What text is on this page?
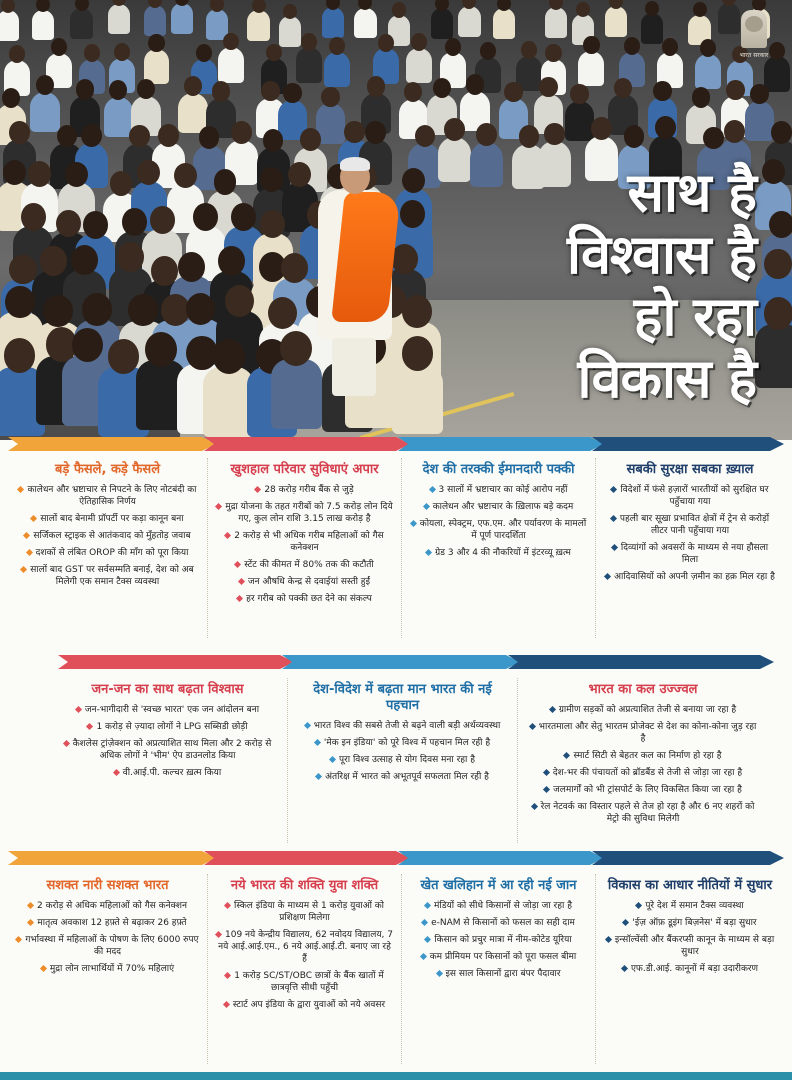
भारत सरकार
साथ है
विश्वास है
हो रहा
विकास है
बड़े फैसले, कड़े फैसले
कालेधन और भ्रष्टाचार से निपटने के लिए नोटबंदी का ऐतिहासिक निर्णय
सालों बाद बेनामी प्रॉपर्टी पर कड़ा कानून बना
सर्जिकल स्ट्राइक से आतंकवाद को मुँहतोड़ जवाब
दशकों से लंबित OROP की माँग को पूरा किया
सालों बाद GST पर सर्वसम्मति बनाई, देश को अब मिलेगी एक समान टैक्स व्यवस्था
खुशहाल परिवार सुविधाएं अपार
28 करोड़ गरीब बैंक से जुड़े
मुद्रा योजना के तहत गरीबों को 7.5 करोड़ लोन दिये गए, कुल लोन राशि 3.15 लाख करोड़ है
2 करोड़ से भी अधिक गरीब महिलाओं को गैस कनेक्शन
स्टेंट की कीमत में 80% तक की कटौती
जन औषधि केन्द्र से दवाईयां सस्ती हुईं
हर गरीब को पक्की छत देने का संकल्प
देश की तरक्की ईमानदारी पक्की
3 सालों में भ्रष्टाचार का कोई आरोप नहीं
कालेधन और भ्रष्टाचार के ख़िलाफ बड़े कदम
कोयला, स्पेक्ट्रम, एफ.एम. और पर्यावरण के मामलों में पूर्ण पारदर्शिता
ग्रेड 3 और 4 की नौकरियों में इंटरव्यू ख़त्म
सबकी सुरक्षा सबका ख़्याल
विदेशों में फंसे हज़ारों भारतीयों को सुरक्षित घर पहुँचाया गया
पहली बार सूखा प्रभावित क्षेत्रों में ट्रेन से करोड़ों लीटर पानी पहुँचाया गया
दिव्यांगों को अवसरों के माध्यम से नया हौसला मिला
आदिवासियों को अपनी ज़मीन का हक़ मिल रहा है
जन-जन का साथ बढ़ता विश्वास
जन-भागीदारी से 'स्वच्छ भारत' एक जन आंदोलन बना
1 करोड़ से ज़्यादा लोगों ने LPG सब्सिडी छोड़ी
कैशलेस ट्रांज़ेक्शन को अप्रत्याशित साथ मिला और 2 करोड़ से अधिक लोगों ने 'भीम' ऐप डाउनलोड किया
वी.आई.पी. कल्चर ख़त्म किया
देश-विदेश में बढ़ता मान भारत की नई पहचान
भारत विश्व की सबसे तेजी से बढ़ने वाली बड़ी अर्थव्यवस्था
'मेक इन इंडिया' को पूरे विश्व में पहचान मिल रही है
पूरा विश्व उत्साह से योग दिवस मना रहा है
अंतरिक्ष में भारत को अभूतपूर्व सफलता मिल रही है
भारत का कल उज्ज्वल
ग्रामीण सड़कों को अप्रत्याशित तेजी से बनाया जा रहा है
भारतमाला और सेतु भारतम प्रोजेक्ट से देश का कोना-कोना जुड़ रहा है
स्मार्ट सिटी से बेहतर कल का निर्माण हो रहा है
देश-भर की पंचायतों को ब्रॉडबैंड से तेजी से जोड़ा जा रहा है
जलमार्गों को भी ट्रांसपोर्ट के लिए विकसित किया जा रहा है
रेल नेटवर्क का विस्तार पहले से तेज हो रहा है और 6 नए शहरों को मेट्रो की सुविधा मिलेगी
सशक्त नारी सशक्त भारत
2 करोड़ से अधिक महिलाओं को गैस कनेक्शन
मातृत्व अवकाश 12 हफ़्ते से बढ़ाकर 26 हफ़्ते
गर्भावस्था में महिलाओं के पोषण के लिए 6000 रुपए की मदद
मुद्रा लोन लाभार्थियों में 70% महिलाएं
नये भारत की शक्ति युवा शक्ति
स्किल इंडिया के माध्यम से 1 करोड़ युवाओं को प्रशिक्षण मिलेगा
109 नये केन्द्रीय विद्यालय, 62 नवोदय विद्यालय, 7 नये आई.आई.एम., 6 नये आई.आई.टी. बनाए जा रहे हैं
1 करोड़ SC/ST/OBC छात्रों के बैंक खातों में छात्रवृत्ति सीधी पहुँची
स्टार्ट अप इंडिया के द्वारा युवाओं को नये अवसर
खेत खलिहान में आ रही नई जान
मंडियों को सीधे किसानों से जोड़ा जा रहा है
e-NAM से किसानों को फसल का सही दाम
किसान को प्रचुर मात्रा में नीम-कोटेड यूरिया
कम प्रीमियम पर किसानों को पूरा फसल बीमा
इस साल किसानों द्वारा बंपर पैदावार
विकास का आधार नीतियों में सुधार
पूरे देश में समान टैक्स व्यवस्था
'ईज़ ऑफ़ डूइंग बिज़नेस' में बड़ा सुधार
इन्सॉल्वेंसी और बैंकरप्सी कानून के माध्यम से बड़ा सुधार
एफ.डी.आई. कानूनों में बड़ा उदारीकरण
